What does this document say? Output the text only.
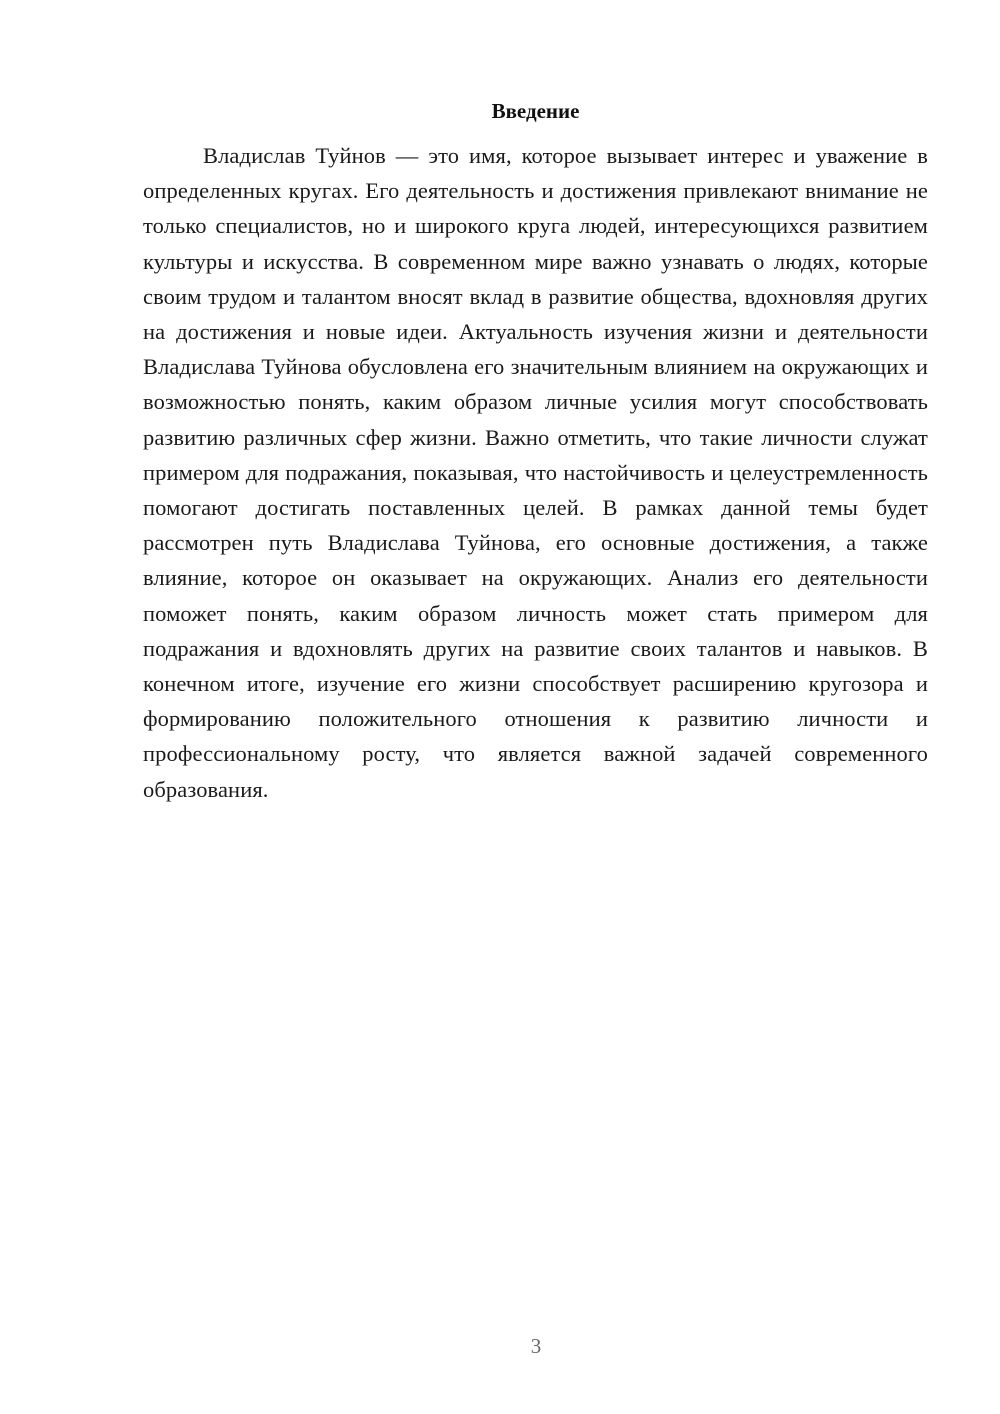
Введение

Владислав Туйнов — это имя, которое вызывает интерес и уважение в определенных кругах. Его деятельность и достижения привлекают внимание не только специалистов, но и широкого круга людей, интересующихся развитием культуры и искусства. В современном мире важно узнавать о людях, которые своим трудом и талантом вносят вклад в развитие общества, вдохновляя других на достижения и новые идеи. Актуальность изучения жизни и деятельности Владислава Туйнова обусловлена его значительным влиянием на окружающих и возможностью понять, каким образом личные усилия могут способствовать развитию различных сфер жизни. Важно отметить, что такие личности служат примером для подражания, показывая, что настойчивость и целеустремленность помогают достигать поставленных целей. В рамках данной темы будет рассмотрен путь Владислава Туйнова, его основные достижения, а также влияние, которое он оказывает на окружающих. Анализ его деятельности поможет понять, каким образом личность может стать примером для подражания и вдохновлять других на развитие своих талантов и навыков. В конечном итоге, изучение его жизни способствует расширению кругозора и формированию положительного отношения к развитию личности и профессиональному росту, что является важной задачей современного образования.

3
